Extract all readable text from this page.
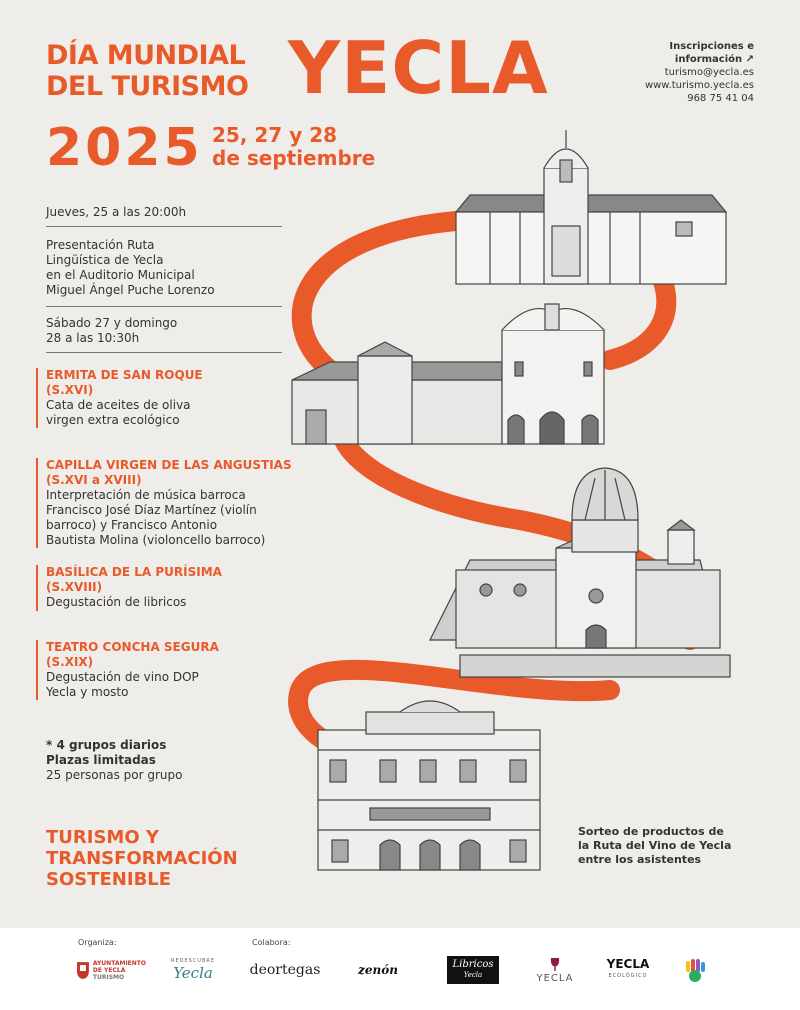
DÍA MUNDIAL
DEL TURISMO YECLA
2025 25, 27 y 28
de septiembre
Inscripciones e
información ↗
turismo@yecla.es
www.turismo.yecla.es
968 75 41 04
Jueves, 25 a las 20:00h
Presentación Ruta
Lingüística de Yecla
en el Auditorio Municipal
Miguel Ángel Puche Lorenzo
Sábado 27 y domingo
28 a las 10:30h
ERMITA DE SAN ROQUE
(S.XVI)
Cata de aceites de oliva
virgen extra ecológico
CAPILLA VIRGEN DE LAS ANGUSTIAS
(S.XVI a XVIII)
Interpretación de música barroca
Francisco José Díaz Martínez (violín
barroco) y Francisco Antonio
Bautista Molina (violoncello barroco)
BASÍLICA DE LA PURÍSIMA
(S.XVIII)
Degustación de libricos
TEATRO CONCHA SEGURA
(S.XIX)
Degustación de vino DOP
Yecla y mosto
* 4 grupos diarios
Plazas limitadas
25 personas por grupo
TURISMO Y
TRANSFORMACIÓN
SOSTENIBLE
Sorteo de productos de
la Ruta del Vino de Yecla
entre los asistentes
Organiza:	Colabora:
AYUNTAMIENTO
DE YECLA
TURISMO
REDESCUBRE
Yecla	deortegas	zenón	Libricos
Yecla	YECLA
YECLA
ECOLÓGICO
